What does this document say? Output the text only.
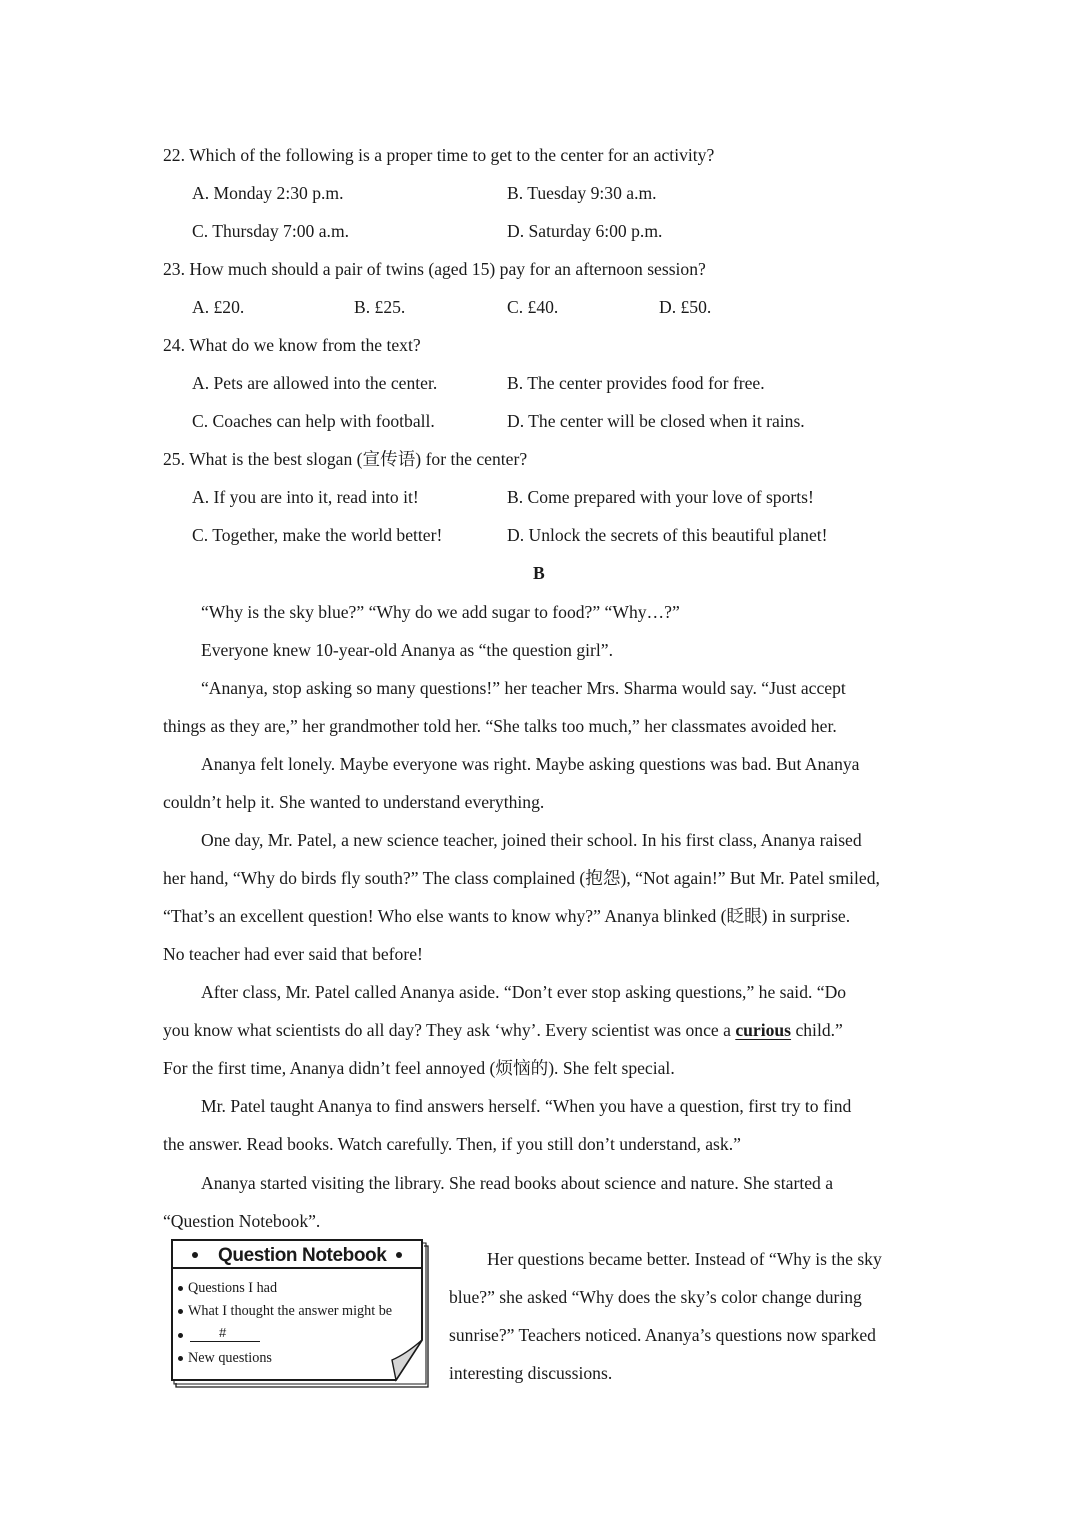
22. Which of the following is a proper time to get to the center for an activity?
A. Monday 2:30 p.m.	B. Tuesday 9:30 a.m.
C. Thursday 7:00 a.m.	D. Saturday 6:00 p.m.
23. How much should a pair of twins (aged 15) pay for an afternoon session?
A. £20.	B. £25.	C. £40.	D. £50.
24. What do we know from the text?
A. Pets are allowed into the center.	B. The center provides food for free.
C. Coaches can help with football.	D. The center will be closed when it rains.
25. What is the best slogan (宣传语) for the center?
A. If you are into it, read into it!	B. Come prepared with your love of sports!
C. Together, make the world better!	D. Unlock the secrets of this beautiful planet!
B
“Why is the sky blue?” “Why do we add sugar to food?” “Why…?”
Everyone knew 10-year-old Ananya as “the question girl”.
“Ananya, stop asking so many questions!” her teacher Mrs. Sharma would say. “Just accept
things as they are,” her grandmother told her. “She talks too much,” her classmates avoided her.
Ananya felt lonely. Maybe everyone was right. Maybe asking questions was bad. But Ananya
couldn’t help it. She wanted to understand everything.
One day, Mr. Patel, a new science teacher, joined their school. In his first class, Ananya raised
her hand, “Why do birds fly south?” The class complained (抱怨), “Not again!” But Mr. Patel smiled,
“That’s an excellent question! Who else wants to know why?” Ananya blinked (眨眼) in surprise.
No teacher had ever said that before!
After class, Mr. Patel called Ananya aside. “Don’t ever stop asking questions,” he said. “Do
you know what scientists do all day? They ask ‘why’. Every scientist was once a curious child.”
For the first time, Ananya didn’t feel annoyed (烦恼的). She felt special.
Mr. Patel taught Ananya to find answers herself. “When you have a question, first try to find
the answer. Read books. Watch carefully. Then, if you still don’t understand, ask.”
Ananya started visiting the library. She read books about science and nature. She started a
“Question Notebook”.
Her questions became better. Instead of “Why is the sky
blue?” she asked “Why does the sky’s color change during
sunrise?” Teachers noticed. Ananya’s questions now sparked
interesting discussions.
Question Notebook
Questions I had
What I thought the answer might be
#
New questions
